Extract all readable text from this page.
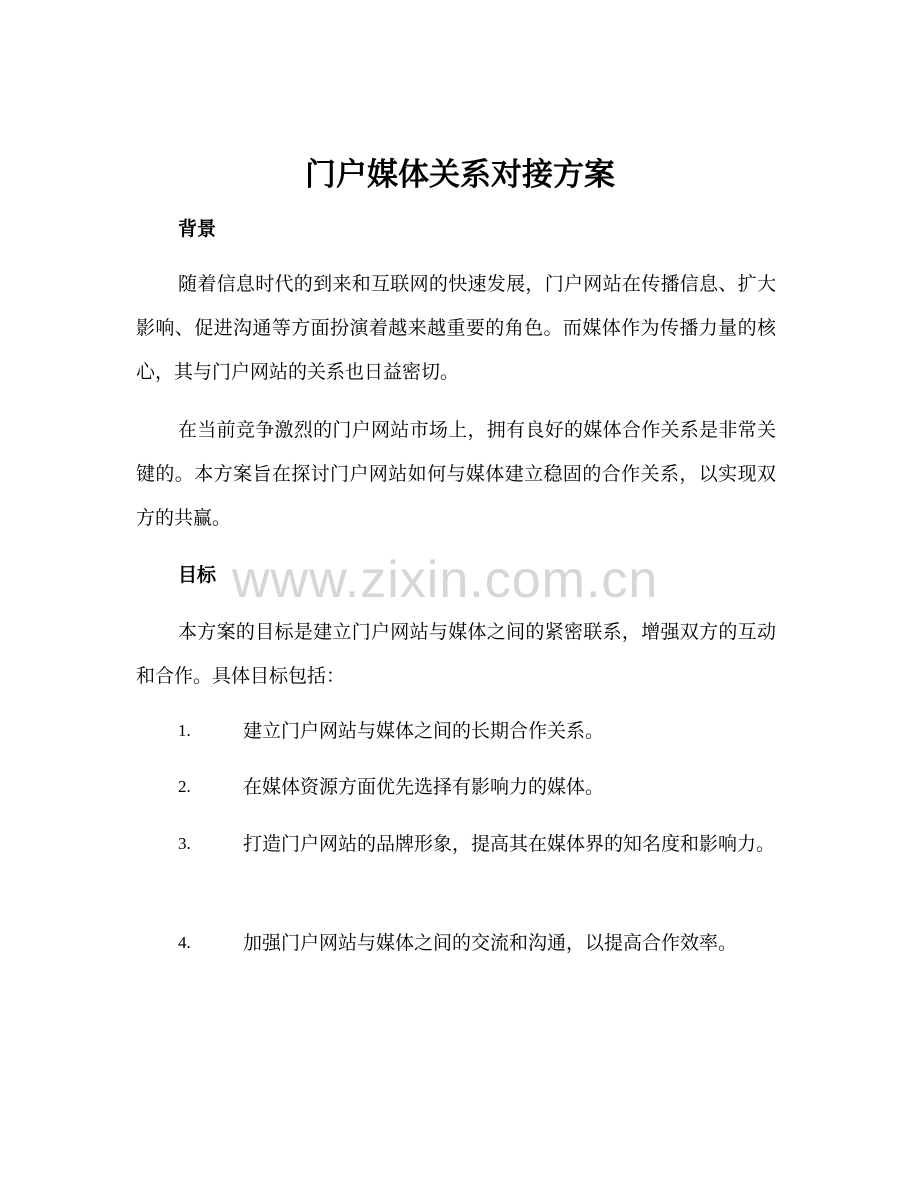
门户媒体关系对接方案
背景
随着信息时代的到来和互联网的快速发展，门户网站在传播信息、扩大影响、促进沟通等方面扮演着越来越重要的角色。而媒体作为传播力量的核心，其与门户网站的关系也日益密切。
在当前竞争激烈的门户网站市场上，拥有良好的媒体合作关系是非常关键的。本方案旨在探讨门户网站如何与媒体建立稳固的合作关系，以实现双方的共赢。
目标
本方案的目标是建立门户网站与媒体之间的紧密联系，增强双方的互动和合作。具体目标包括：
1.	建立门户网站与媒体之间的长期合作关系。
2.	在媒体资源方面优先选择有影响力的媒体。
3.	打造门户网站的品牌形象，提高其在媒体界的知名度和影响力。
4.	加强门户网站与媒体之间的交流和沟通，以提高合作效率。
www.zixin.com.cn
